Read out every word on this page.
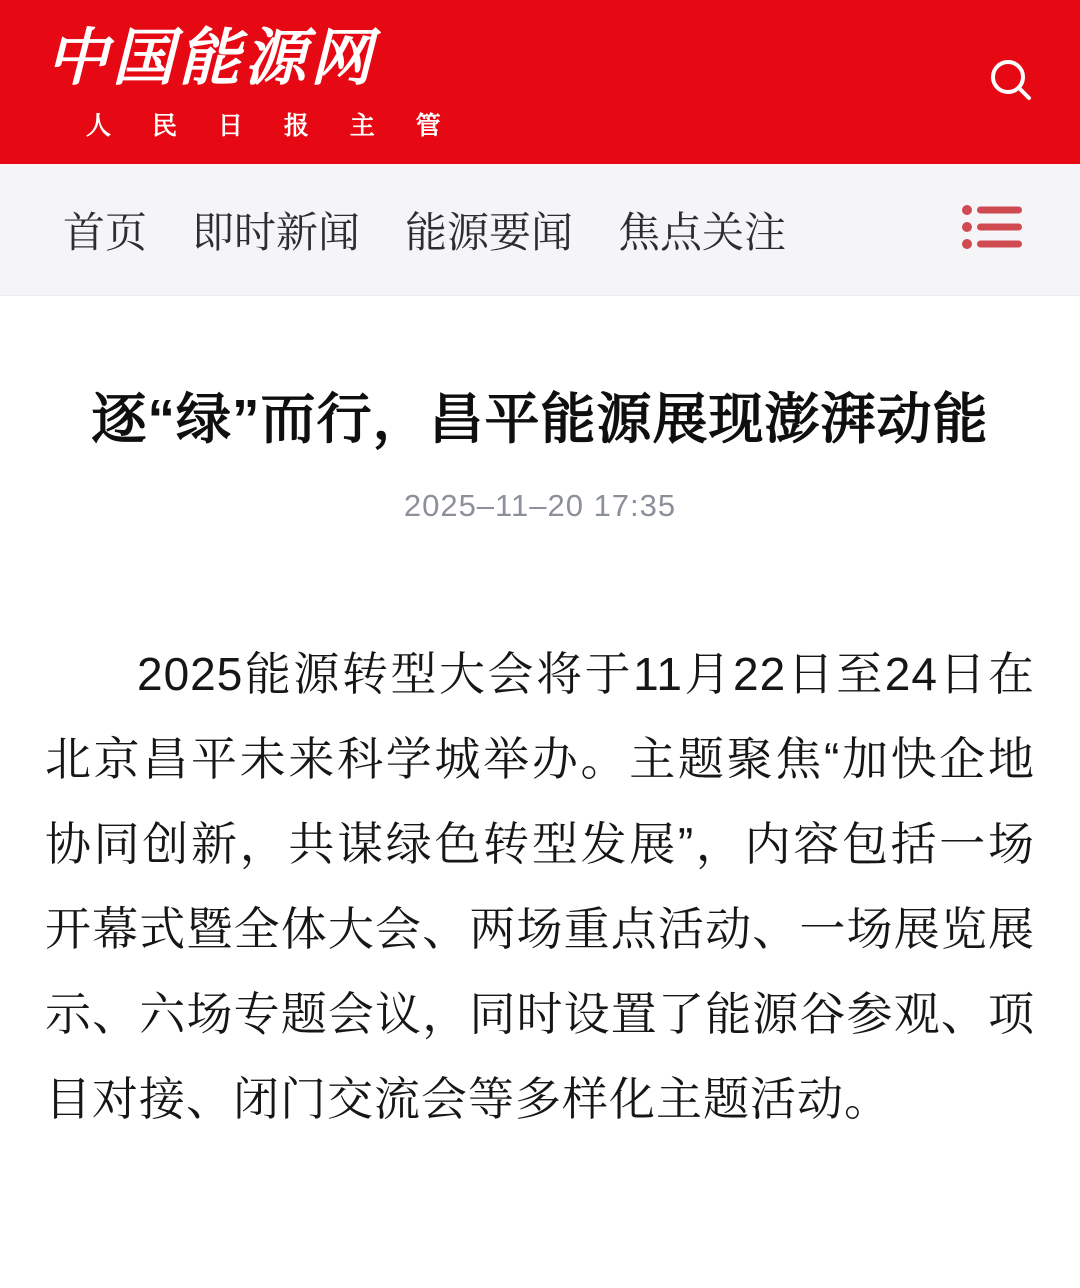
中国能源网
人 民 日 报 主 管
首页 即时新闻 能源要闻 焦点关注
逐“绿”而行，昌平能源展现澎湃动能
2025–11–20 17:35

2025能源转型大会将于11月22日至24日在北京昌平未来科学城举办。主题聚焦“加快企地协同创新，共谋绿色转型发展”，内容包括一场开幕式暨全体大会、两场重点活动、一场展览展示、六场专题会议，同时设置了能源谷参观、项目对接、闭门交流会等多样化主题活动。
